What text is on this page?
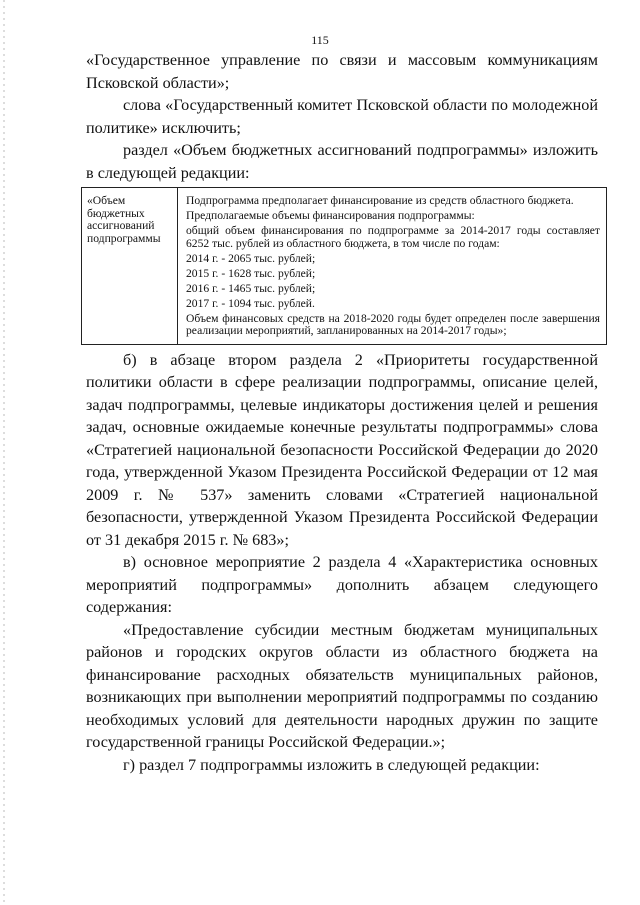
115

«Государственное управление по связи и массовым коммуникациям Псковской области»;

слова «Государственный комитет Псковской области по молодежной политике» исключить;

раздел «Объем бюджетных ассигнований подпрограммы» изложить в следующей редакции:

«Объем бюджетных ассигнований подпрограммы

Подпрограмма предполагает финансирование из средств областного бюджета.

Предполагаемые объемы финансирования подпрограммы:

общий объем финансирования по подпрограмме за 2014-2017 годы составляет 6252 тыс. рублей из областного бюджета, в том числе по годам:

2014 г. - 2065 тыс. рублей;

2015 г. - 1628 тыс. рублей;

2016 г. - 1465 тыс. рублей;

2017 г. - 1094 тыс. рублей.

Объем финансовых средств на 2018-2020 годы будет определен после завершения реализации мероприятий, запланированных на 2014-2017 годы»;

б) в абзаце втором раздела 2 «Приоритеты государственной политики области в сфере реализации подпрограммы, описание целей, задач подпрограммы, целевые индикаторы достижения целей и решения задач, основные ожидаемые конечные результаты подпрограммы» слова «Стратегией национальной безопасности Российской Федерации до 2020 года, утвержденной Указом Президента Российской Федерации от 12 мая 2009 г. № 537» заменить словами «Стратегией национальной безопасности, утвержденной Указом Президента Российской Федерации от 31 декабря 2015 г. № 683»;

в) основное мероприятие 2 раздела 4 «Характеристика основных мероприятий подпрограммы» дополнить абзацем следующего содержания:

«Предоставление субсидии местным бюджетам муниципальных районов и городских округов области из областного бюджета на финансирование расходных обязательств муниципальных районов, возникающих при выполнении мероприятий подпрограммы по созданию необходимых условий для деятельности народных дружин по защите государственной границы Российской Федерации.»;

г) раздел 7 подпрограммы изложить в следующей редакции:
